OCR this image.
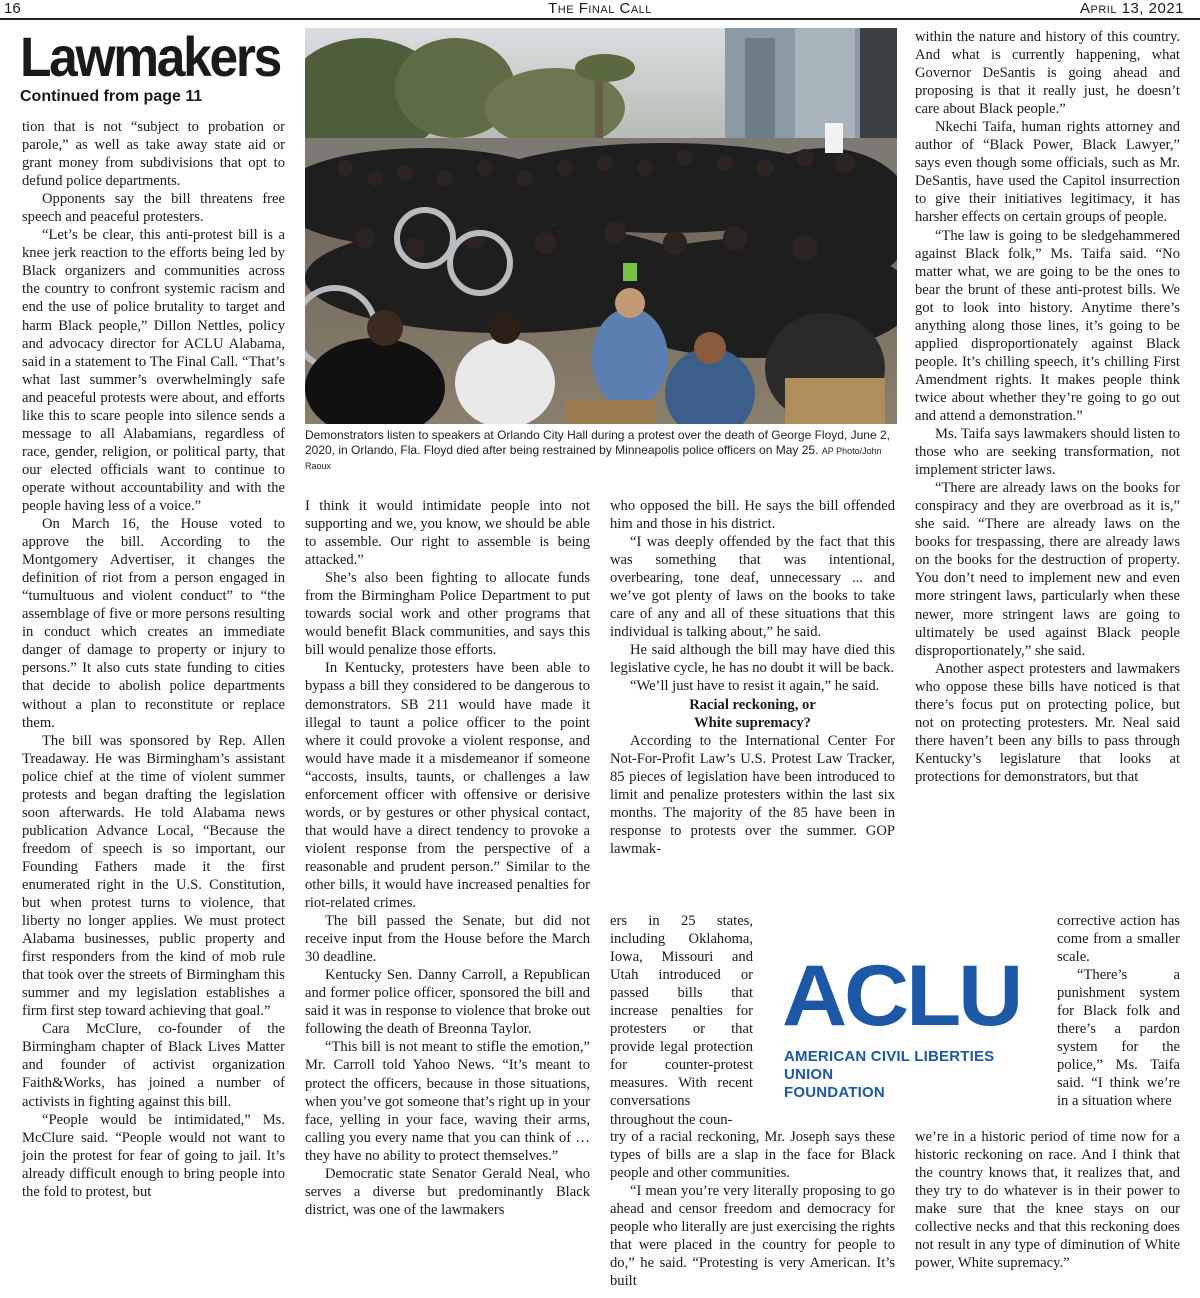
16	The Final Call	April 13, 2021
Lawmakers
Continued from page 11

tion that is not “subject to probation or parole,” as well as take away state aid or grant money from subdivisions that opt to defund police departments.

Opponents say the bill threatens free speech and peaceful protesters.

“Let’s be clear, this anti-protest bill is a knee jerk reaction to the efforts being led by Black organizers and communities across the country to confront systemic racism and end the use of police brutality to target and harm Black people,” Dillon Nettles, policy and advocacy director for ACLU Alabama, said in a statement to The Final Call. “That’s what last summer’s overwhelmingly safe and peaceful protests were about, and efforts like this to scare people into silence sends a message to all Alabamians, regardless of race, gender, religion, or political party, that our elected officials want to continue to operate without accountability and with the people having less of a voice.”

On March 16, the House voted to approve the bill. According to the Montgomery Advertiser, it changes the definition of riot from a person engaged in “tumultuous and violent conduct” to “the assemblage of five or more persons resulting in conduct which creates an immediate danger of damage to property or injury to persons.” It also cuts state funding to cities that decide to abolish police departments without a plan to reconstitute or replace them.

The bill was sponsored by Rep. Allen Treadaway. He was Birmingham’s assistant police chief at the time of violent summer protests and began drafting the legislation soon afterwards. He told Alabama news publication Advance Local, “Because the freedom of speech is so important, our Founding Fathers made it the first enumerated right in the U.S. Constitution, but when protest turns to violence, that liberty no longer applies. We must protect Alabama businesses, public property and first responders from the kind of mob rule that took over the streets of Birmingham this summer and my legislation establishes a firm first step toward achieving that goal.”

Cara McClure, co-founder of the Birmingham chapter of Black Lives Matter and founder of activist organization Faith&Works, has joined a number of activists in fighting against this bill.

“People would be intimidated,” Ms. McClure said. “People would not want to join the protest for fear of going to jail. It’s already difficult enough to bring people into the fold to protest, but

Demonstrators listen to speakers at Orlando City Hall during a protest over the death of George Floyd, June 2, 2020, in Orlando, Fla. Floyd died after being restrained by Minneapolis police officers on May 25. AP Photo/John Raoux

I think it would intimidate people into not supporting and we, you know, we should be able to assemble. Our right to assemble is being attacked.”

She’s also been fighting to allocate funds from the Birmingham Police Department to put towards social work and other programs that would benefit Black communities, and says this bill would penalize those efforts.

In Kentucky, protesters have been able to bypass a bill they considered to be dangerous to demonstrators. SB 211 would have made it illegal to taunt a police officer to the point where it could provoke a violent response, and would have made it a misdemeanor if someone “accosts, insults, taunts, or challenges a law enforcement officer with offensive or derisive words, or by gestures or other physical contact, that would have a direct tendency to provoke a violent response from the perspective of a reasonable and prudent person.” Similar to the other bills, it would have increased penalties for riot-related crimes.

The bill passed the Senate, but did not receive input from the House before the March 30 deadline.

Kentucky Sen. Danny Carroll, a Republican and former police officer, sponsored the bill and said it was in response to violence that broke out following the death of Breonna Taylor.

“This bill is not meant to stifle the emotion,” Mr. Carroll told Yahoo News. “It’s meant to protect the officers, because in those situations, when you’ve got someone that’s right up in your face, yelling in your face, waving their arms, calling you every name that you can think of … they have no ability to protect themselves.”

Democratic state Senator Gerald Neal, who serves a diverse but predominantly Black district, was one of the lawmakers

who opposed the bill. He says the bill offended him and those in his district.

“I was deeply offended by the fact that this was something that was intentional, overbearing, tone deaf, unnecessary ... and we’ve got plenty of laws on the books to take care of any and all of these situations that this individual is talking about,” he said.

He said although the bill may have died this legislative cycle, he has no doubt it will be back.

“We’ll just have to resist it again,” he said.

Racial reckoning, or

White supremacy?

According to the International Center For Not-For-Profit Law’s U.S. Protest Law Tracker, 85 pieces of legislation have been introduced to limit and penalize protesters within the last six months. The majority of the 85 have been in response to protests over the summer. GOP lawmak-

ers in 25 states, including Oklahoma, Iowa, Missouri and Utah introduced or passed bills that increase penalties for protesters or that provide legal protection for counter-protest measures. With recent conversations throughout the coun-

try of a racial reckoning, Mr. Joseph says these types of bills are a slap in the face for Black people and other communities.

“I mean you’re very literally proposing to go ahead and censor freedom and democracy for people who literally are just exercising the rights that were placed in the country for people to do,” he said. “Protesting is very American. It’s built

within the nature and history of this country. And what is currently happening, what Governor DeSantis is going ahead and proposing is that it really just, he doesn’t care about Black people.”

Nkechi Taifa, human rights attorney and author of “Black Power, Black Lawyer,” says even though some officials, such as Mr. DeSantis, have used the Capitol insurrection to give their initiatives legitimacy, it has harsher effects on certain groups of people.

“The law is going to be sledgehammered against Black folk,” Ms. Taifa said. “No matter what, we are going to be the ones to bear the brunt of these anti-protest bills. We got to look into history. Anytime there’s anything along those lines, it’s going to be applied disproportionately against Black people. It’s chilling speech, it’s chilling First Amendment rights. It makes people think twice about whether they’re going to go out and attend a demonstration.”

Ms. Taifa says lawmakers should listen to those who are seeking transformation, not implement stricter laws.

“There are already laws on the books for conspiracy and they are overbroad as it is,” she said. “There are already laws on the books for trespassing, there are already laws on the books for the destruction of property. You don’t need to implement new and even more stringent laws, particularly when these newer, more stringent laws are going to ultimately be used against Black people disproportionately,” she said.

Another aspect protesters and lawmakers who oppose these bills have noticed is that there’s focus put on protecting police, but not on protecting protesters. Mr. Neal said there haven’t been any bills to pass through Kentucky’s legislature that looks at protections for demonstrators, but that

ACLU
AMERICAN CIVIL LIBERTIES UNION
FOUNDATION

corrective action has come from a smaller scale.

“There’s a punishment system for Black folk and there’s a pardon system for the police,” Ms. Taifa said. “I think we’re in a situation where

we’re in a historic period of time now for a historic reckoning on race. And I think that the country knows that, it realizes that, and they try to do whatever is in their power to make sure that the knee stays on our collective necks and that this reckoning does not result in any type of diminution of White power, White supremacy.”
